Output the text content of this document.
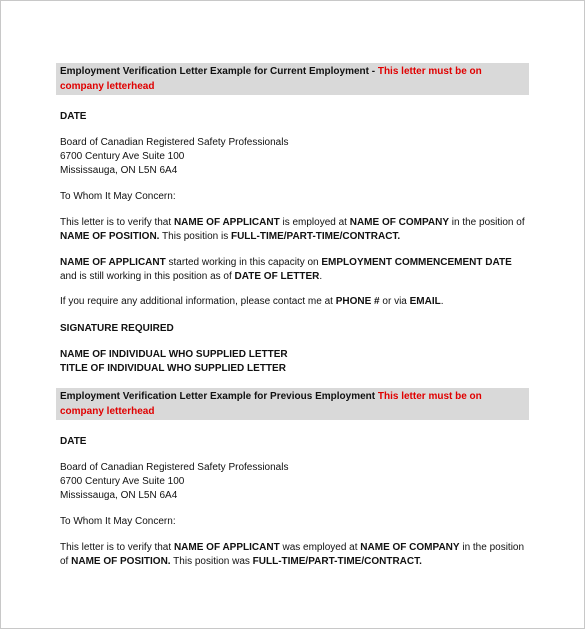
Employment Verification Letter Example for Current Employment - This letter must be on company letterhead
DATE
Board of Canadian Registered Safety Professionals
6700 Century Ave Suite 100
Mississauga, ON L5N 6A4
To Whom It May Concern:
This letter is to verify that NAME OF APPLICANT is employed at NAME OF COMPANY in the position of NAME OF POSITION. This position is FULL-TIME/PART-TIME/CONTRACT.
NAME OF APPLICANT started working in this capacity on EMPLOYMENT COMMENCEMENT DATE and is still working in this position as of DATE OF LETTER.
If you require any additional information, please contact me at PHONE # or via EMAIL.
SIGNATURE REQUIRED
NAME OF INDIVIDUAL WHO SUPPLIED LETTER
TITLE OF INDIVIDUAL WHO SUPPLIED LETTER
Employment Verification Letter Example for Previous Employment This letter must be on company letterhead
DATE
Board of Canadian Registered Safety Professionals
6700 Century Ave Suite 100
Mississauga, ON L5N 6A4
To Whom It May Concern:
This letter is to verify that NAME OF APPLICANT was employed at NAME OF COMPANY in the position of NAME OF POSITION. This position was FULL-TIME/PART-TIME/CONTRACT.
